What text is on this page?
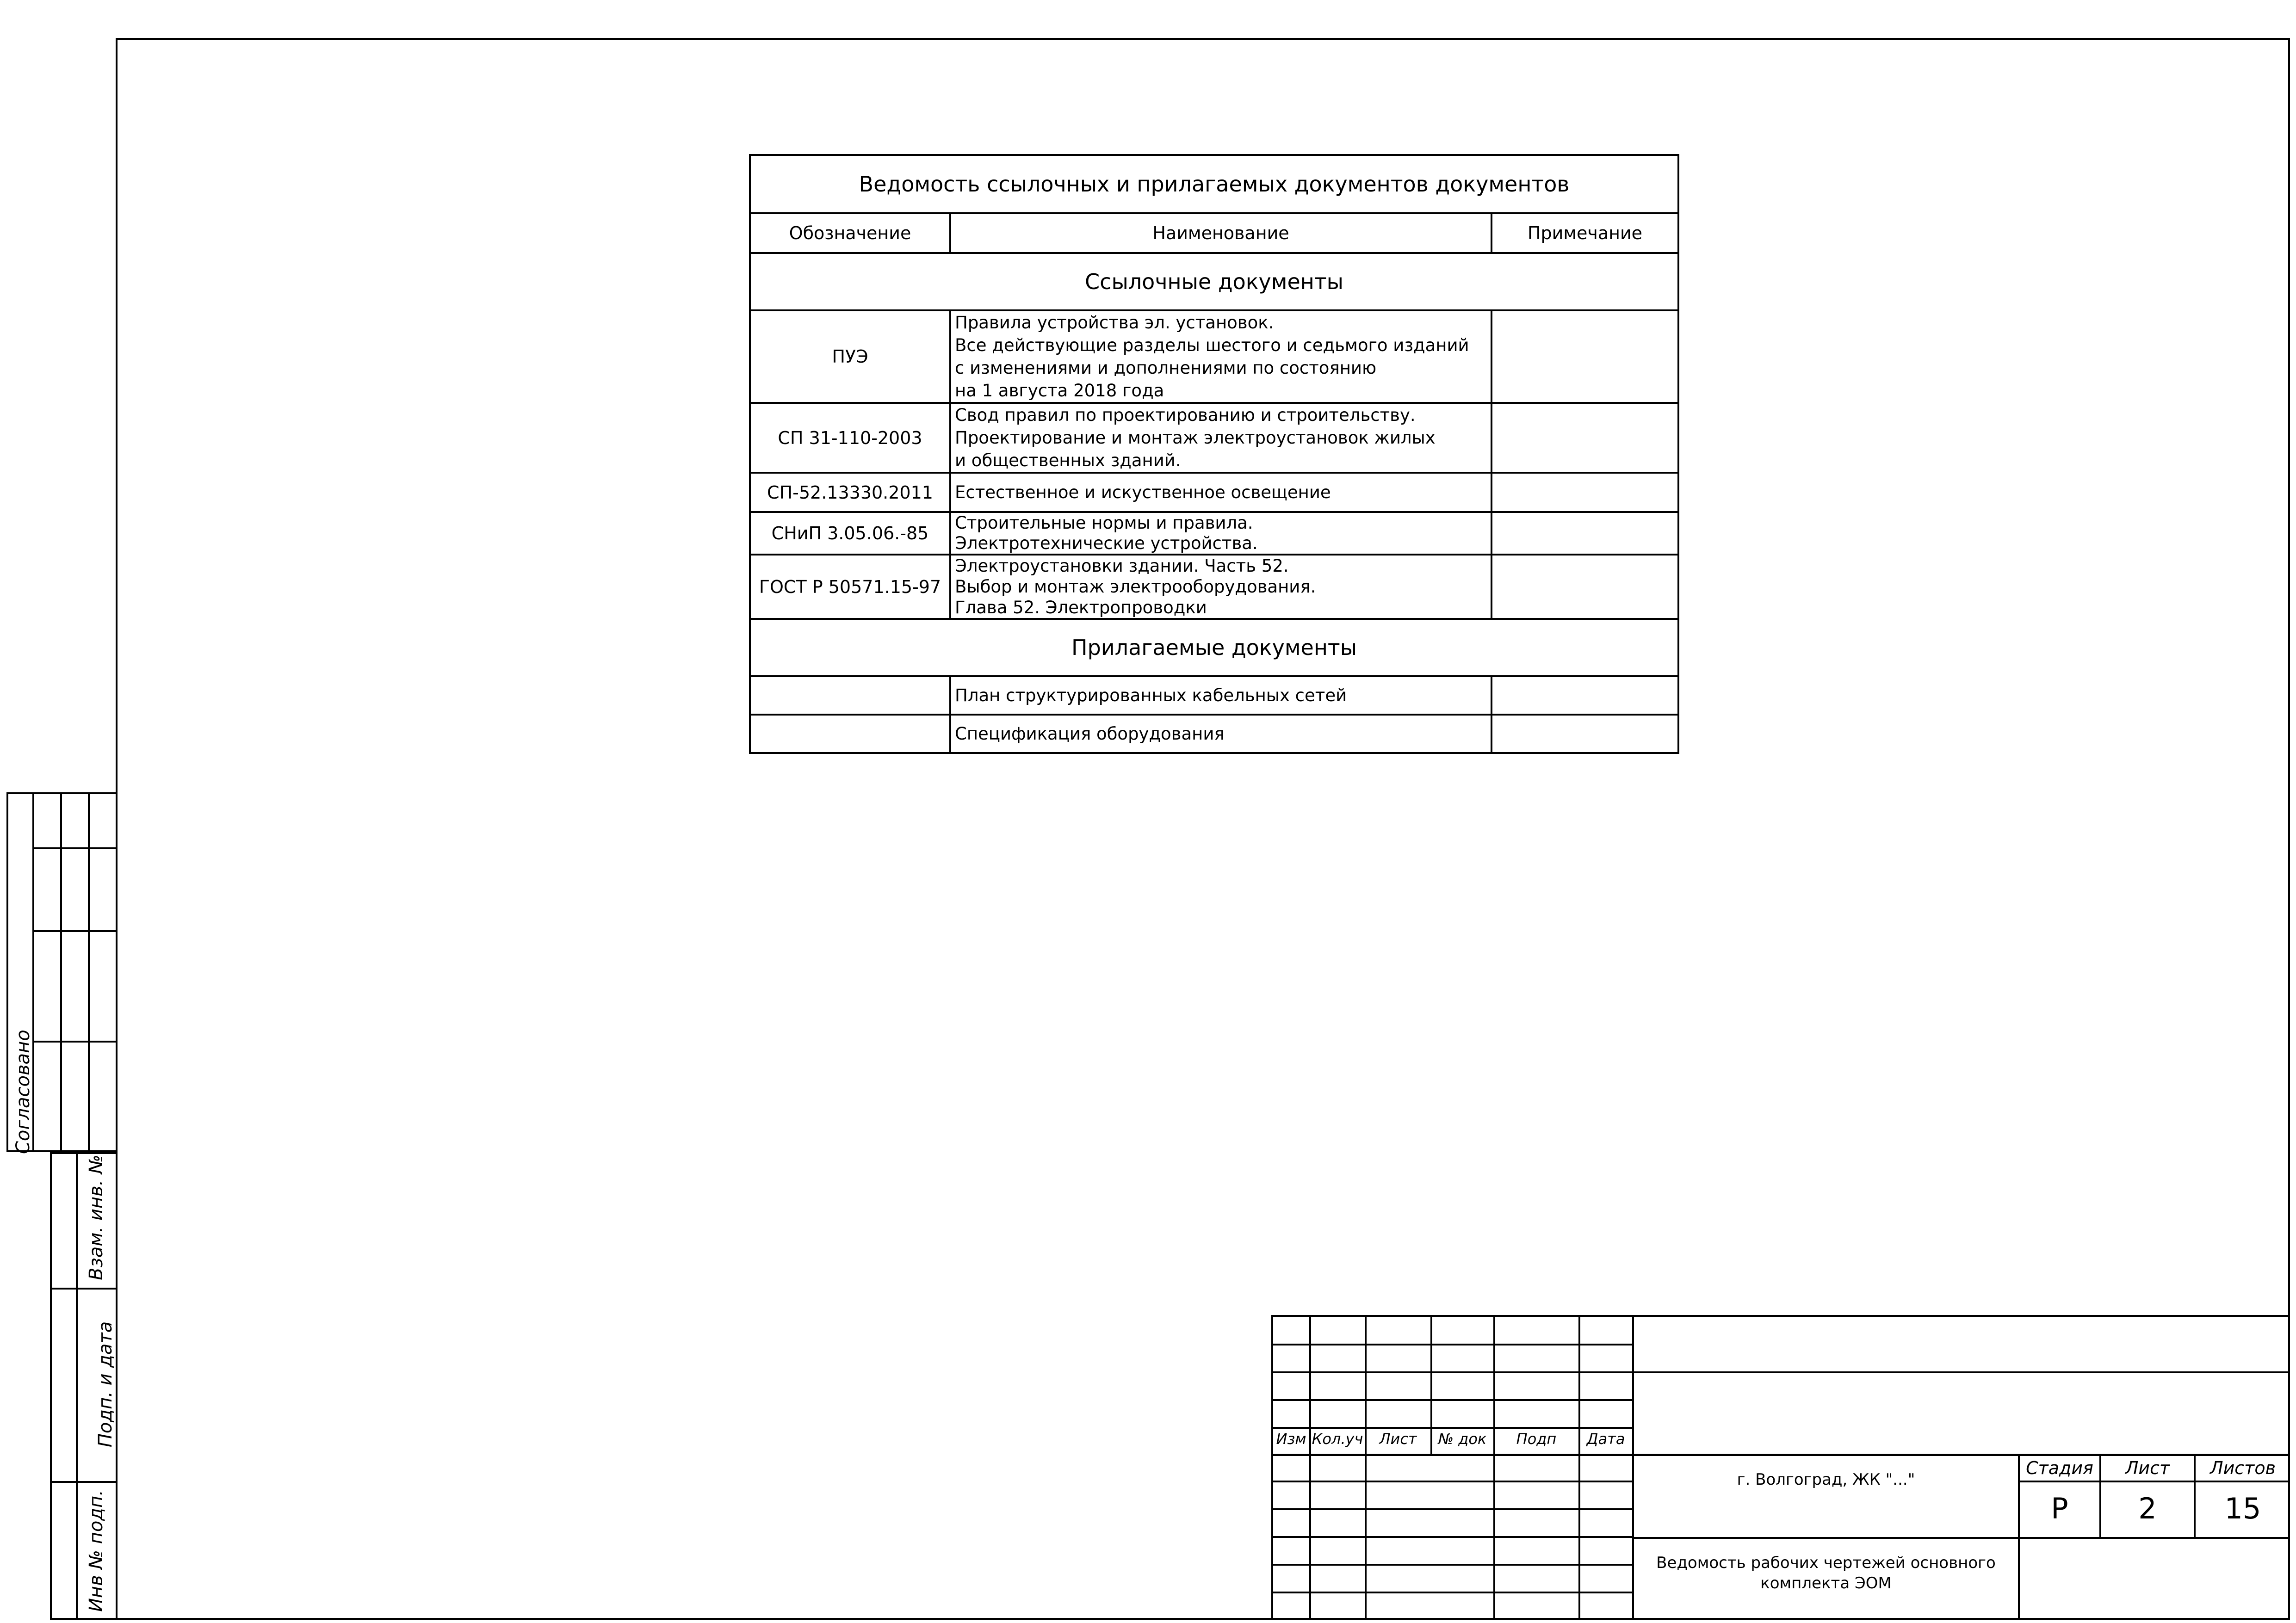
Ведомость ссылочных и прилагаемых документов документов		
Обозначение	Наименование	Примечание
Ссылочные документы		
ПУЭ	Правила устройства эл. установок.
Все действующие разделы шестого и седьмого изданий
с изменениями и дополнениями по состоянию
на 1 августа 2018 года	
СП 31-110-2003	Свод правил по проектированию и строительству.
Проектирование и монтаж электроустановок жилых
и общественных зданий.	
СП-52.13330.2011	Естественное и искуственное освещение	
СНиП 3.05.06.-85	Строительные нормы и правила.
Электротехнические устройства.	
ГОСТ Р 50571.15-97	Электроустановки здании. Часть 52.
Выбор и монтаж электрооборудования.
Глава 52. Электропроводки	
Прилагаемые документы		
	План структурированных кабельных сетей	
	Спецификация оборудования	
Согласовано
Взам. инв. №
Подп. и дата
Инв № подп.
Изм Кол.уч	Лист	№ док	Подп	Дата
г. Волгоград, ЖК "..."
Стадия	Лист	Листов
Р	2	15
Ведомость рабочих чертежей основного комплекта ЭОМ
